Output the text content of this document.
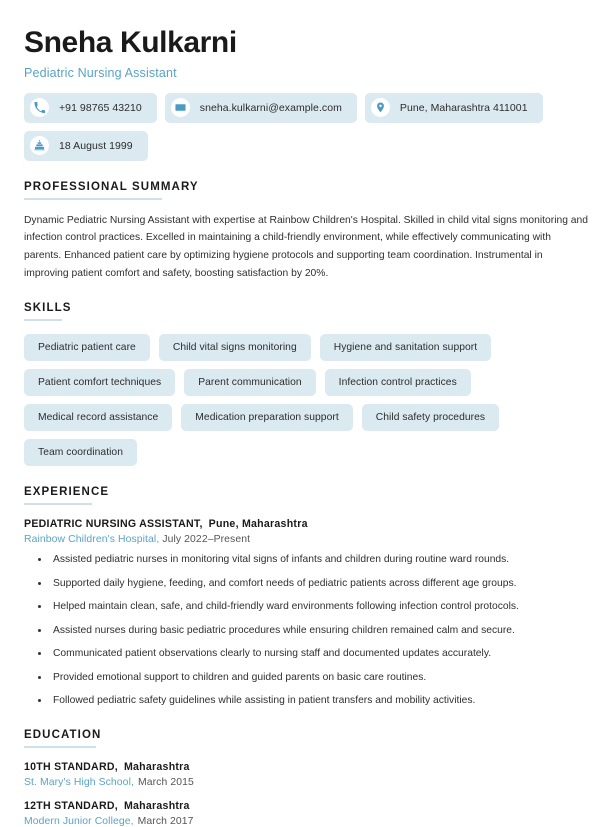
Sneha Kulkarni
Pediatric Nursing Assistant
+91 98765 43210	sneha.kulkarni@example.com	Pune, Maharashtra 411001
18 August 1999
PROFESSIONAL SUMMARY

Dynamic Pediatric Nursing Assistant with expertise at Rainbow Children's Hospital. Skilled in child vital signs monitoring and infection control practices. Excelled in maintaining a child-friendly environment, while effectively communicating with parents. Enhanced patient care by optimizing hygiene protocols and supporting team coordination. Instrumental in improving patient comfort and safety, boosting satisfaction by 20%.

SKILLS
Pediatric patient care	Child vital signs monitoring	Hygiene and sanitation support
Patient comfort techniques	Parent communication	Infection control practices
Medical record assistance	Medication preparation support	Child safety procedures
Team coordination
EXPERIENCE
PEDIATRIC NURSING ASSISTANT, Pune, Maharashtra
Rainbow Children's Hospital, July 2022–Present
Assisted pediatric nurses in monitoring vital signs of infants and children during routine ward rounds.
Supported daily hygiene, feeding, and comfort needs of pediatric patients across different age groups.
Helped maintain clean, safe, and child-friendly ward environments following infection control protocols.
Assisted nurses during basic pediatric procedures while ensuring children remained calm and secure.
Communicated patient observations clearly to nursing staff and documented updates accurately.
Provided emotional support to children and guided parents on basic care routines.
Followed pediatric safety guidelines while assisting in patient transfers and mobility activities.
EDUCATION
10TH STANDARD, Maharashtra
St. Mary's High School, March 2015
12TH STANDARD, Maharashtra
Modern Junior College, March 2017
